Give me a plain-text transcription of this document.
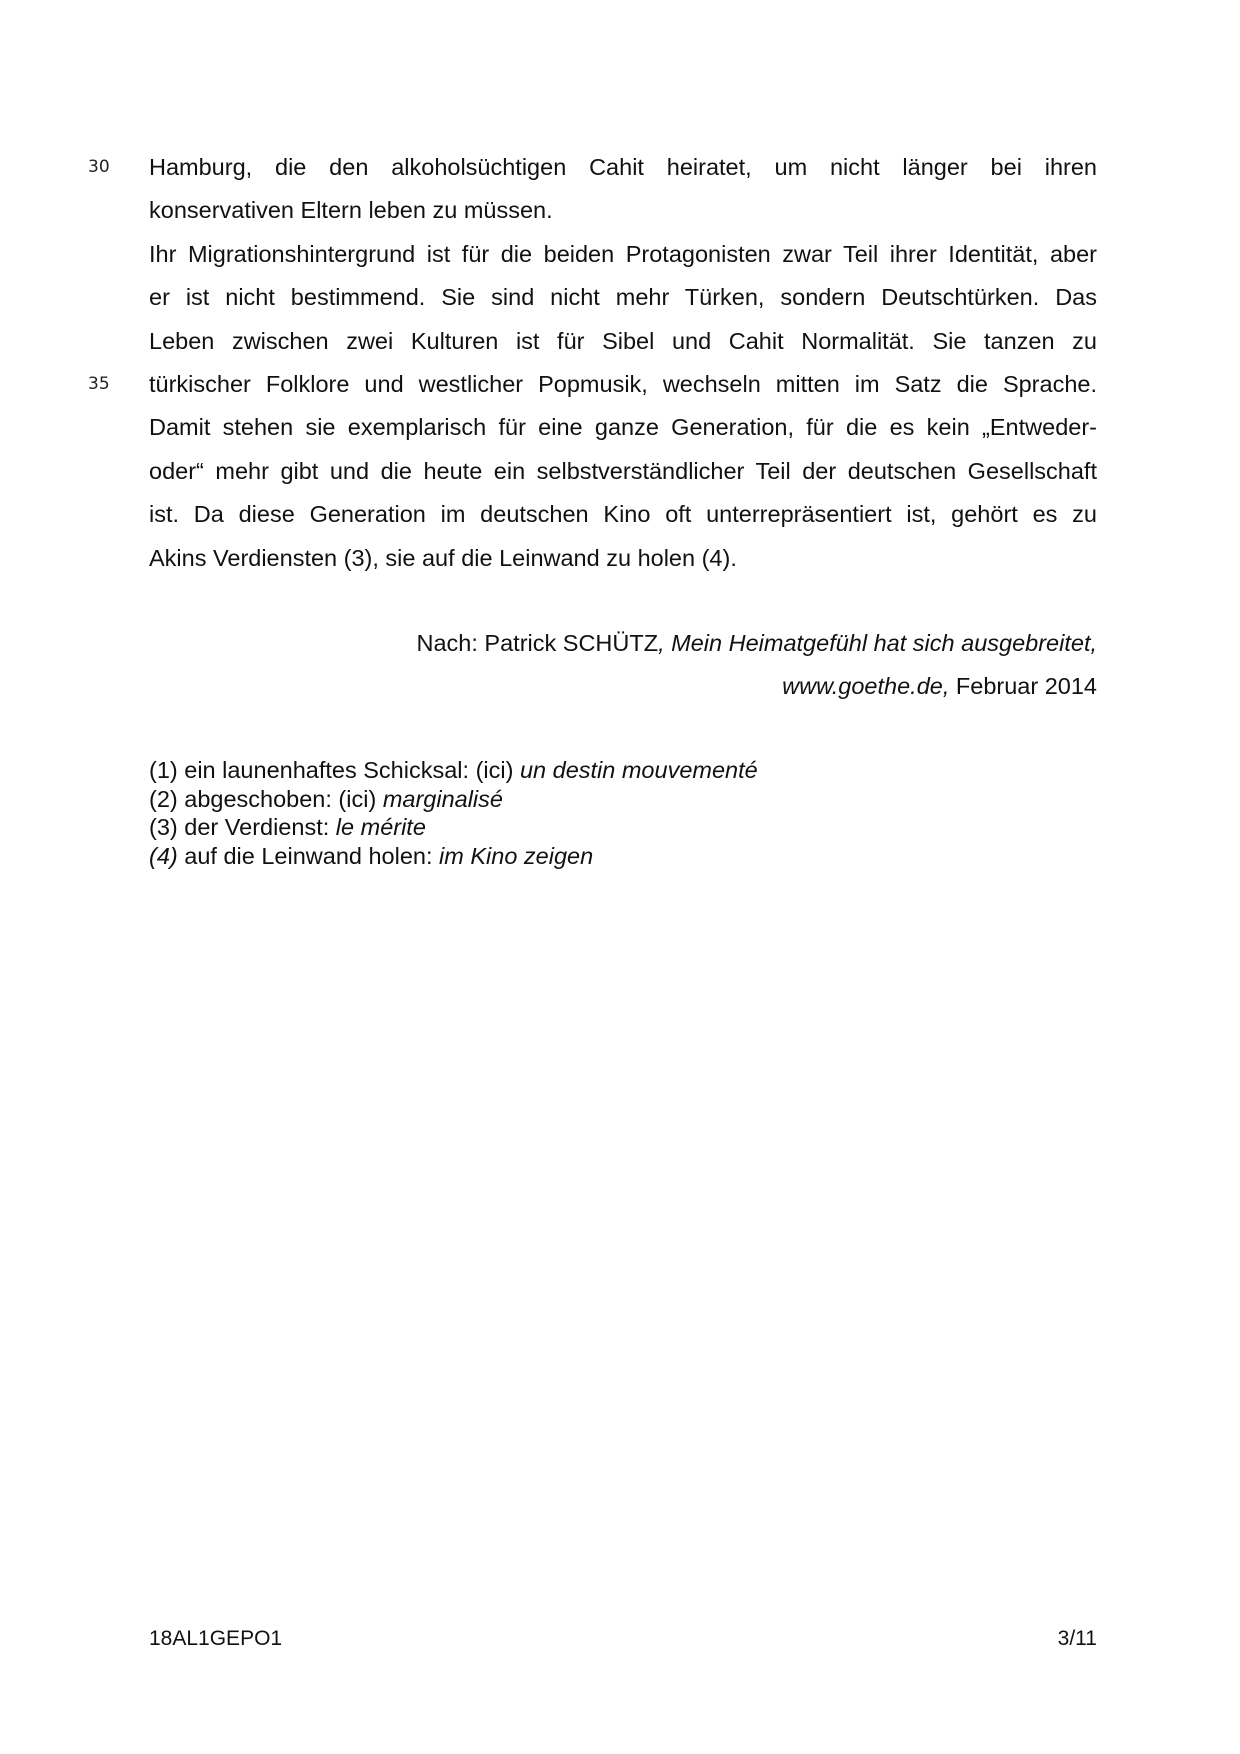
30 Hamburg, die den alkoholsüchtigen Cahit heiratet, um nicht länger bei ihren
konservativen Eltern leben zu müssen.
Ihr Migrationshintergrund ist für die beiden Protagonisten zwar Teil ihrer Identität, aber
er ist nicht bestimmend. Sie sind nicht mehr Türken, sondern Deutschtürken. Das
Leben zwischen zwei Kulturen ist für Sibel und Cahit Normalität. Sie tanzen zu
35 türkischer Folklore und westlicher Popmusik, wechseln mitten im Satz die Sprache.
Damit stehen sie exemplarisch für eine ganze Generation, für die es kein „Entweder-
oder“ mehr gibt und die heute ein selbstverständlicher Teil der deutschen Gesellschaft
ist. Da diese Generation im deutschen Kino oft unterrepräsentiert ist, gehört es zu
Akins Verdiensten (3), sie auf die Leinwand zu holen (4).
Nach: Patrick SCHÜTZ, Mein Heimatgefühl hat sich ausgebreitet,
www.goethe.de, Februar 2014
(1) ein launenhaftes Schicksal: (ici) un destin mouvementé
(2) abgeschoben: (ici) marginalisé
(3) der Verdienst: le mérite
(4) auf die Leinwand holen: im Kino zeigen
18AL1GEPO1	3/11
